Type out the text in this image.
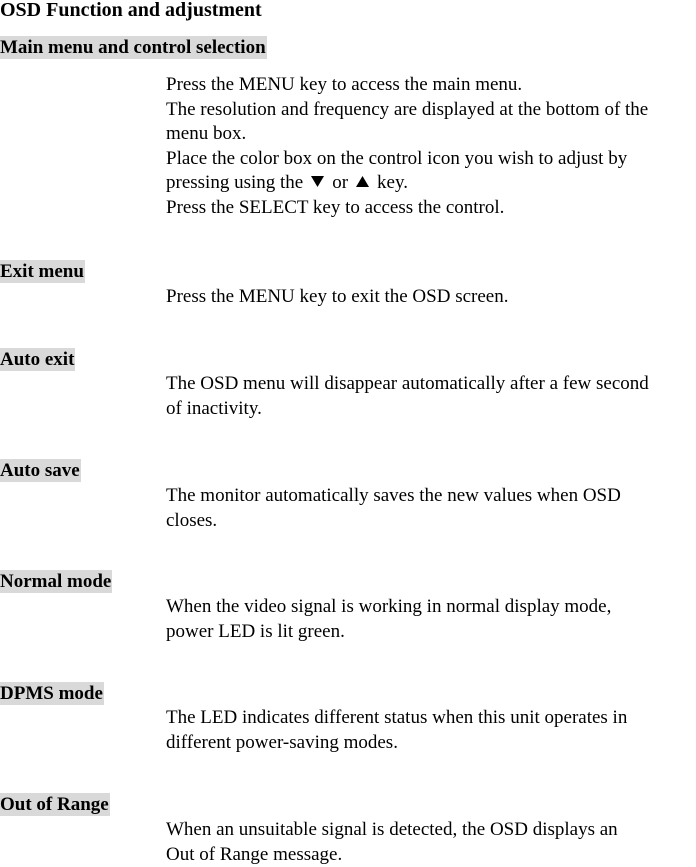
OSD Function and adjustment
Main menu and control selection
Press the MENU key to access the main menu.
The resolution and frequency are displayed at the bottom of the
menu box.
Place the color box on the control icon you wish to adjust by
pressing using the or key.
Press the SELECT key to access the control.
Exit menu
Press the MENU key to exit the OSD screen.
Auto exit
The OSD menu will disappear automatically after a few second
of inactivity.
Auto save
The monitor automatically saves the new values when OSD
closes.
Normal mode
When the video signal is working in normal display mode,
power LED is lit green.
DPMS mode
The LED indicates different status when this unit operates in
different power-saving modes.
Out of Range
When an unsuitable signal is detected, the OSD displays an
Out of Range message.
